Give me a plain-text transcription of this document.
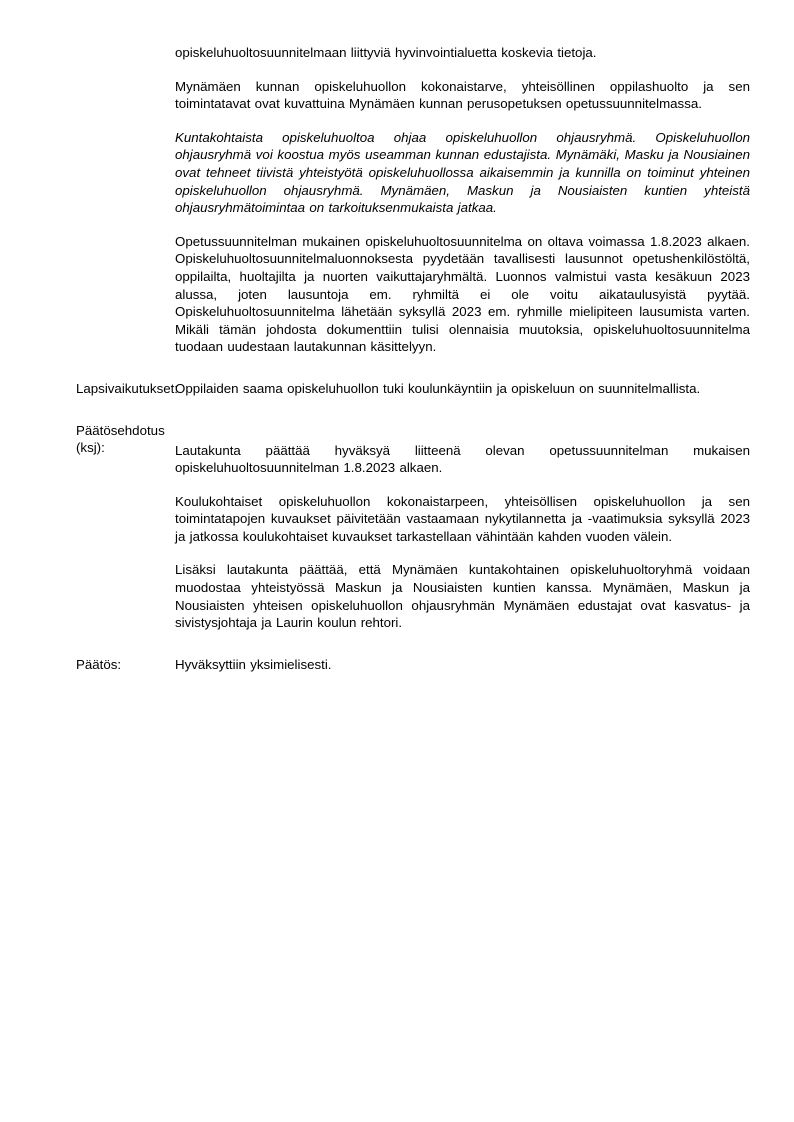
opiskeluhuoltosuunnitelmaan liittyviä hyvinvointialuetta koskevia tietoja.

Mynämäen kunnan opiskeluhuollon kokonaistarve, yhteisöllinen oppilashuolto ja sen toimintatavat ovat kuvattuina Mynämäen kunnan perusopetuksen opetussuunnitelmassa.

Kuntakohtaista opiskeluhuoltoa ohjaa opiskeluhuollon ohjausryhmä. Opiskeluhuollon ohjausryhmä voi koostua myös useamman kunnan edustajista. Mynämäki, Masku ja Nousiainen ovat tehneet tiivistä yhteistyötä opiskeluhuollossa aikaisemmin ja kunnilla on toiminut yhteinen opiskeluhuollon ohjausryhmä. Mynämäen, Maskun ja Nousiaisten kuntien yhteistä ohjausryhmätoimintaa on tarkoituksenmukaista jatkaa.

Opetussuunnitelman mukainen opiskeluhuoltosuunnitelma on oltava voimassa 1.8.2023 alkaen. Opiskeluhuoltosuunnitelmaluonnoksesta pyydetään tavallisesti lausunnot opetushenkilöstöltä, oppilailta, huoltajilta ja nuorten vaikuttajaryhmältä. Luonnos valmistui vasta kesäkuun 2023 alussa, joten lausuntoja em. ryhmiltä ei ole voitu aikataulusyistä pyytää. Opiskeluhuoltosuunnitelma lähetään syksyllä 2023 em. ryhmille mielipiteen lausumista varten. Mikäli tämän johdosta dokumenttiin tulisi olennaisia muutoksia, opiskeluhuoltosuunnitelma tuodaan uudestaan lautakunnan käsittelyyn.

Lapsivaikutukset:

Oppilaiden saama opiskeluhuollon tuki koulunkäyntiin ja opiskeluun on suunnitelmallista.

Päätösehdotus
(ksj):	Lautakunta päättää hyväksyä liitteenä olevan opetussuunnitelman mukaisen opiskeluhuoltosuunnitelman 1.8.2023 alkaen.

Koulukohtaiset opiskeluhuollon kokonaistarpeen, yhteisöllisen opiskeluhuollon ja sen toimintatapojen kuvaukset päivitetään vastaamaan nykytilannetta ja -vaatimuksia syksyllä 2023 ja jatkossa koulukohtaiset kuvaukset tarkastellaan vähintään kahden vuoden välein.

Lisäksi lautakunta päättää, että Mynämäen kuntakohtainen opiskeluhuoltoryhmä voidaan muodostaa yhteistyössä Maskun ja Nousiaisten kuntien kanssa. Mynämäen, Maskun ja Nousiaisten yhteisen opiskeluhuollon ohjausryhmän Mynämäen edustajat ovat kasvatus- ja sivistysjohtaja ja Laurin koulun rehtori.

Päätös:	Hyväksyttiin yksimielisesti.
